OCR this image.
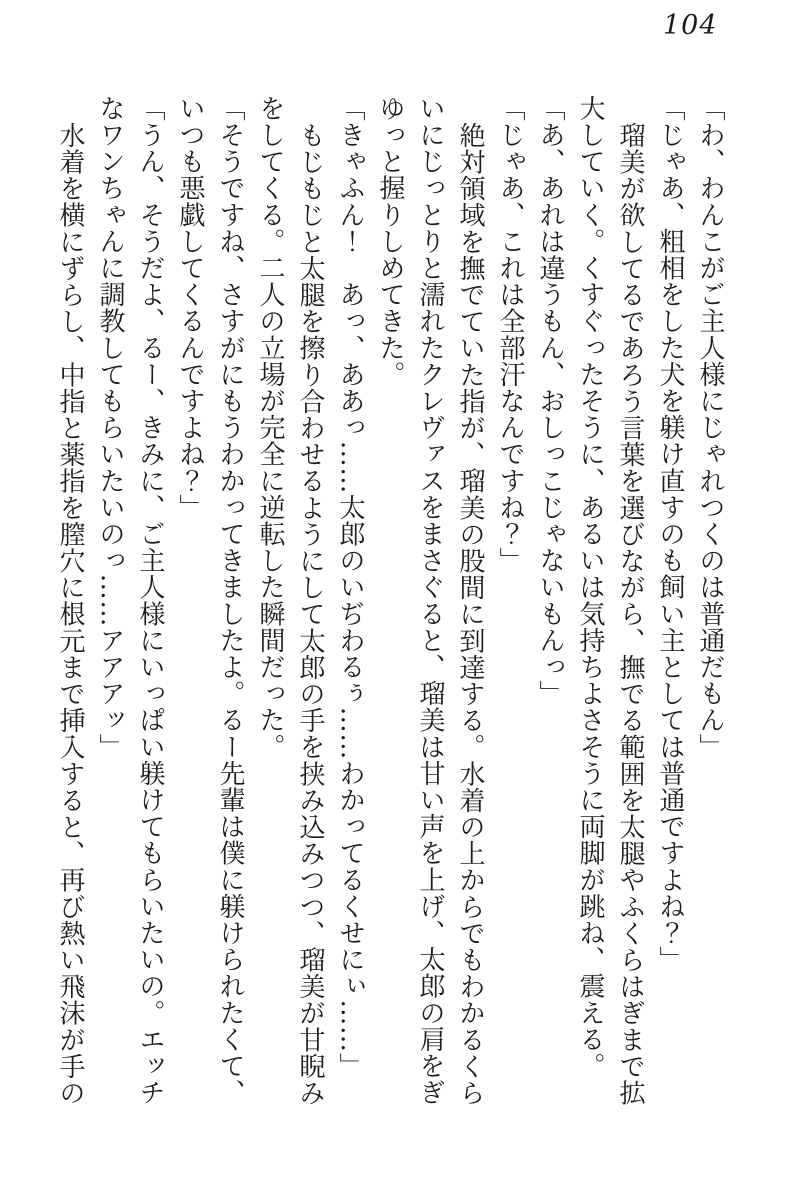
104
「わ、わんこがご主人様にじゃれつくのは普通だもん」
「じゃあ、粗相をした犬を躾け直すのも飼い主としては普通ですよね？」
瑠美が欲してるであろう言葉を選びながら、撫でる範囲を太腿やふくらはぎまで拡
大していく。くすぐったそうに、あるいは気持ちよさそうに両脚が跳ね、震える。
「あ、あれは違うもん、おしっこじゃないもんっ」
「じゃあ、これは全部汗なんですね？」
絶対領域を撫でていた指が、瑠美の股間に到達する。水着の上からでもわかるくら
いにじっとりと濡れたクレヴァスをまさぐると、瑠美は甘い声を上げ、太郎の肩をぎ
ゆっと握りしめてきた。
「きゃふん！　あっ、ああっ……太郎のいぢわるぅ……わかってるくせにぃ……」
もじもじと太腿を擦り合わせるようにして太郎の手を挟み込みつつ、瑠美が甘睨み
をしてくる。二人の立場が完全に逆転した瞬間だった。
「そうですね、さすがにもうわかってきましたよ。るー先輩は僕に躾けられたくて、
いつも悪戯してくるんですよね？」
「うん、そうだよ、るー、きみに、ご主人様にいっぱい躾けてもらいたいの。エッチ
なワンちゃんに調教してもらいたいのっ……アアアッ」
水着を横にずらし、中指と薬指を膣穴に根元まで挿入すると、再び熱い飛沫が手の
